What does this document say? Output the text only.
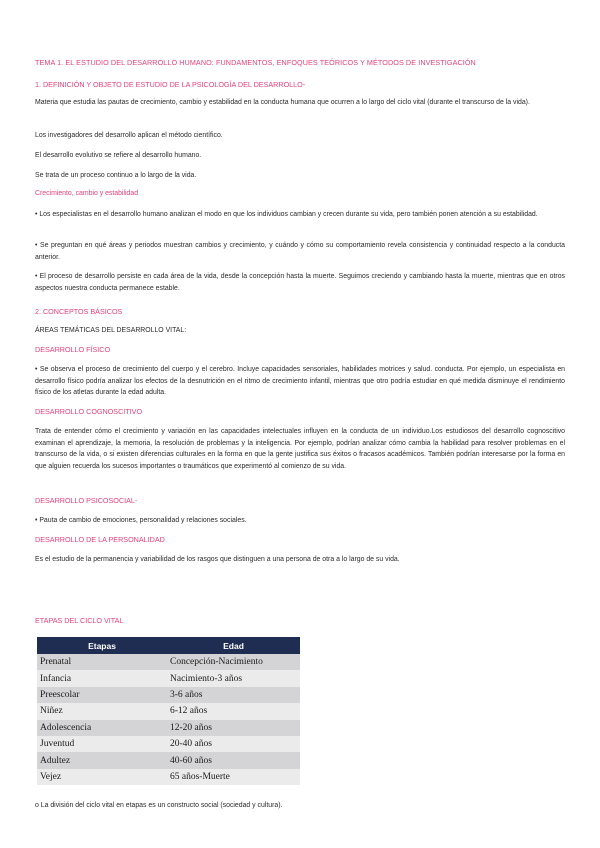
TEMA 1. EL ESTUDIO DEL DESARROLLO HUMANO: FUNDAMENTOS, ENFOQUES TEÓRICOS Y MÉTODOS DE INVESTIGACIÓN
1. DEFINICIÓN Y OBJETO DE ESTUDIO DE LA PSICOLOGÍA DEL DESARROLLO-
Materia que estudia las pautas de crecimiento, cambio y estabilidad en la conducta humana que ocurren a lo largo del ciclo vital (durante el transcurso de la vida).
Los investigadores del desarrollo aplican el método científico.
El desarrollo evolutivo se refiere al desarrollo humano.
Se trata de un proceso continuo a lo largo de la vida.
Crecimiento, cambio y estabilidad
• Los especialistas en el desarrollo humano analizan el modo en que los individuos cambian y crecen durante su vida, pero también ponen atención a su estabilidad.
• Se preguntan en qué áreas y periodos muestran cambios y crecimiento, y cuándo y cómo su comportamiento revela consistencia y continuidad respecto a la conducta anterior.
• El proceso de desarrollo persiste en cada área de la vida, desde la concepción hasta la muerte. Seguimos creciendo y cambiando hasta la muerte, mientras que en otros aspectos nuestra conducta permanece estable.
2. CONCEPTOS BÁSICOS
ÁREAS TEMÁTICAS DEL DESARROLLO VITAL:
DESARROLLO FÍSICO
• Se observa el proceso de crecimiento del cuerpo y el cerebro. Incluye capacidades sensoriales, habilidades motrices y salud. conducta. Por ejemplo, un especialista en desarrollo físico podría analizar los efectos de la desnutrición en el ritmo de crecimiento infantil, mientras que otro podría estudiar en qué medida disminuye el rendimiento físico de los atletas durante la edad adulta.
DESARROLLO COGNOSCITIVO
Trata de entender cómo el crecimiento y variación en las capacidades intelectuales influyen en la conducta de un individuo.Los estudiosos del desarrollo cognoscitivo examinan el aprendizaje, la memoria, la resolución de problemas y la inteligencia. Por ejemplo, podrían analizar cómo cambia la habilidad para resolver problemas en el transcurso de la vida, o si existen diferencias culturales en la forma en que la gente justifica sus éxitos o fracasos académicos. También podrían interesarse por la forma en que alguien recuerda los sucesos importantes o traumáticos que experimentó al comienzo de su vida.
DESARROLLO PSICOSOCIAL-
• Pauta de cambio de emociones, personalidad y relaciones sociales.
DESARROLLO DE LA PERSONALIDAD
Es el estudio de la permanencia y variabilidad de los rasgos que distinguen a una persona de otra a lo largo de su vida.
ETAPAS DEL CICLO VITAL
Etapas	Edad
Prenatal	Concepción-Nacimiento
Infancia	Nacimiento-3 años
Preescolar	3-6 años
Niñez	6-12 años
Adolescencia	12-20 años
Juventud	20-40 años
Adultez	40-60 años
Vejez	65 años-Muerte
o La división del ciclo vital en etapas es un constructo social (sociedad y cultura).
